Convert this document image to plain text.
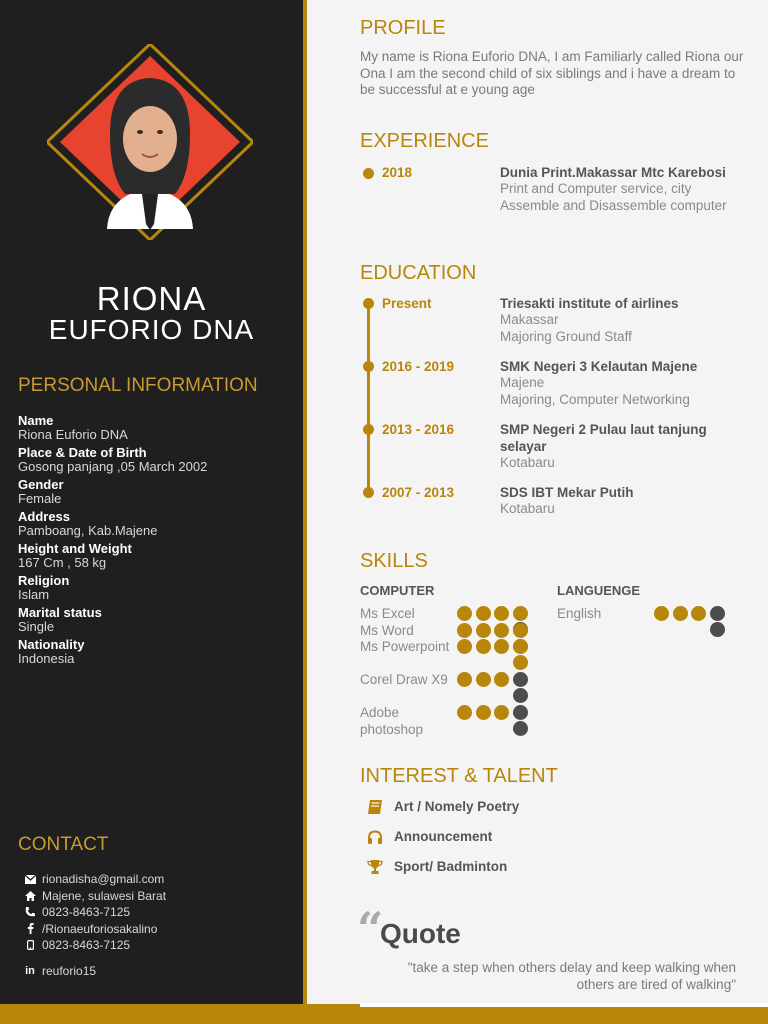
RIONA
EUFORIO DNA
PERSONAL INFORMATION
Name
Riona Euforio DNA
Place & Date of Birth
Gosong panjang ,05 March 2002
Gender
Female
Address
Pamboang, Kab.Majene
Height and Weight
167 Cm , 58 kg
Religion
Islam
Marital status
Single
Nationality
Indonesia
CONTACT
rionadisha@gmail.com
Majene, sulawesi Barat
0823-8463-7125
/Rionaeuforiosakalino
0823-8463-7125
in reuforio15
PROFILE
My name is Riona Euforio DNA, I am Familiarly called Riona our Ona I am the second child of six siblings and i have a dream to be successful at e young age
EXPERIENCE
2018	Dunia Print.Makassar Mtc Karebosi
Print and Computer service, city Assemble and Disassemble computer
EDUCATION
Present	Triesakti institute of airlines
Makassar
Majoring Ground Staff
2016 - 2019	SMK Negeri 3 Kelautan Majene
Majene
Majoring, Computer Networking
2013 - 2016	SMP Negeri 2 Pulau laut tanjung selayar
Kotabaru
2007 - 2013	SDS IBT Mekar Putih
Kotabaru
SKILLS
COMPUTER	LANGUENGE
Ms Excel
Ms Word
Ms Powerpoint
Corel Draw X9
Adobe photoshop
English
INTEREST & TALENT
Art / Nomely Poetry
Announcement
Sport/ Badminton
“
Quote
"take a step when others delay and keep walking when others are tired of walking"
